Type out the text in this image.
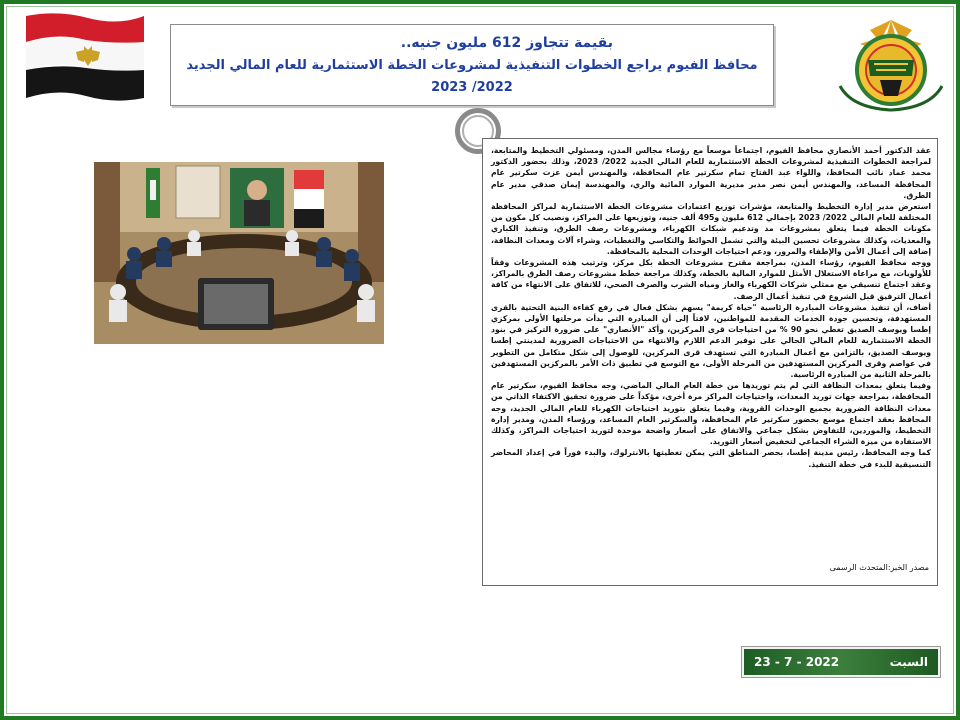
بقيمة تتجاوز 612 مليون جنيه..
محافظ الفيوم يراجع الخطوات التنفيذية لمشروعات الخطة الاستثمارية للعام المالي الجديد 2022/ 2023

عقد الدكتور أحمد الأنصاري محافظ الفيوم، اجتماعاً موسعاً مع رؤساء مجالس المدن، ومسئولي التخطيط والمتابعة، لمراجعة الخطوات التنفيذية لمشروعات الخطة الاستثمارية للعام المالي الجديد 2022/ 2023، وذلك بحضور الدكتور محمد عماد نائب المحافظ، واللواء عبد الفتاح تمام سكرتير عام المحافظة، والمهندس أيمن عزت سكرتير عام المحافظة المساعد، والمهندس أيمن نصر مدير مديرية الموارد المائية والري، والمهندسة إيمان صدقي مدير عام الطرق.

استعرض مدير إدارة التخطيط والمتابعة، مؤشرات توزيع اعتمادات مشروعات الخطة الاستثمارية لمراكز المحافظة المختلفة للعام المالي 2022/ 2023 بإجمالي 612 مليون و495 ألف جنيه، وتوزيعها على المراكز، ونصيب كل مكون من مكونات الخطة فيما يتعلق بمشروعات مد وتدعيم شبكات الكهرباء، ومشروعات رصف الطرق، وتنفيذ الكباري والمعديات، وكذلك مشروعات تحسين البيئة والتي تشمل الحوائط والتكاسي والتغطيات، وشراء آلات ومعدات النظافة، إضافة إلى أعمال الأمن والإطفاء والمرور، ودعم احتياجات الوحدات المحلية بالمحافظة.

ووجه محافظ الفيوم، رؤساء المدن، بمراجعة مقترح مشروعات الخطة بكل مركز، وترتيب هذه المشروعات وفقاً للأولويات، مع مراعاة الاستغلال الأمثل للموارد المالية بالخطة، وكذلك مراجعة خطط مشروعات رصف الطرق بالمراكز، وعقد اجتماع تنسيقي مع ممثلي شركات الكهرباء والغاز ومياه الشرب والصرف الصحي، للاتفاق على الانتهاء من كافة أعمال الترفيق قبل الشروع في تنفيذ أعمال الرصف.

أضاف، أن تنفيذ مشروعات المبادرة الرئاسية "حياة كريمة" يسهم بشكل فعال في رفع كفاءة البنية التحتية بالقرى المستهدفة، وتحسين جودة الخدمات المقدمة للمواطنين، لافتاً إلى أن المبادرة التي بدأت مرحلتها الأولى بمركزي إطسا ويوسف الصديق تغطي نحو 90 % من احتياجات قرى المركزين، وأكد "الأنصاري" على ضرورة التركيز في بنود الخطة الاستثمارية للعام المالي الحالي على توفير الدعم اللازم والانتهاء من الاحتياجات الضرورية لمدينتي إطسا ويوسف الصديق، بالتزامن مع أعمال المبادرة التي تستهدف قرى المركزين، للوصول إلى شكل متكامل من التطوير في عواصم وقرى المركزين المستهدفين من المرحلة الأولى، مع التوسع في تطبيق ذات الأمر بالمركزين المستهدفين بالمرحلة الثانية من المبادرة الرئاسية.

وفيما يتعلق بمعدات النظافة التي لم يتم توريدها من خطة العام المالي الماضي، وجه محافظ الفيوم، سكرتير عام المحافظة، بمراجعة جهات توريد المعدات، واحتياجات المراكز مرة أخرى، مؤكداً على ضرورة تحقيق الاكتفاء الذاتي من معدات النظافة الضرورية بجميع الوحدات القروية، وفيما يتعلق بتوريد احتياجات الكهرباء للعام المالي الجديد، وجه المحافظ بعقد اجتماع موسع بحضور سكرتير عام المحافظة، والسكرتير العام المساعد، ورؤساء المدن، ومدير إدارة التخطيط، والموردين، للتفاوض بشكل جماعي والاتفاق على أسعار واضحة موحدة لتوريد احتياجات المراكز، وكذلك الاستفادة من ميزة الشراء الجماعي لتخفيض أسعار التوريد.

كما وجه المحافظ، رئيس مدينة إطسا، بحصر المناطق التي يمكن تغطيتها بالانترلوك، والبدء فوراً في إعداد المحاضر التنسيقية للبدء في خطة التنفيذ.

مصدر الخبر:المتحدث الرسمى
23 - 7 - 2022	السبت
